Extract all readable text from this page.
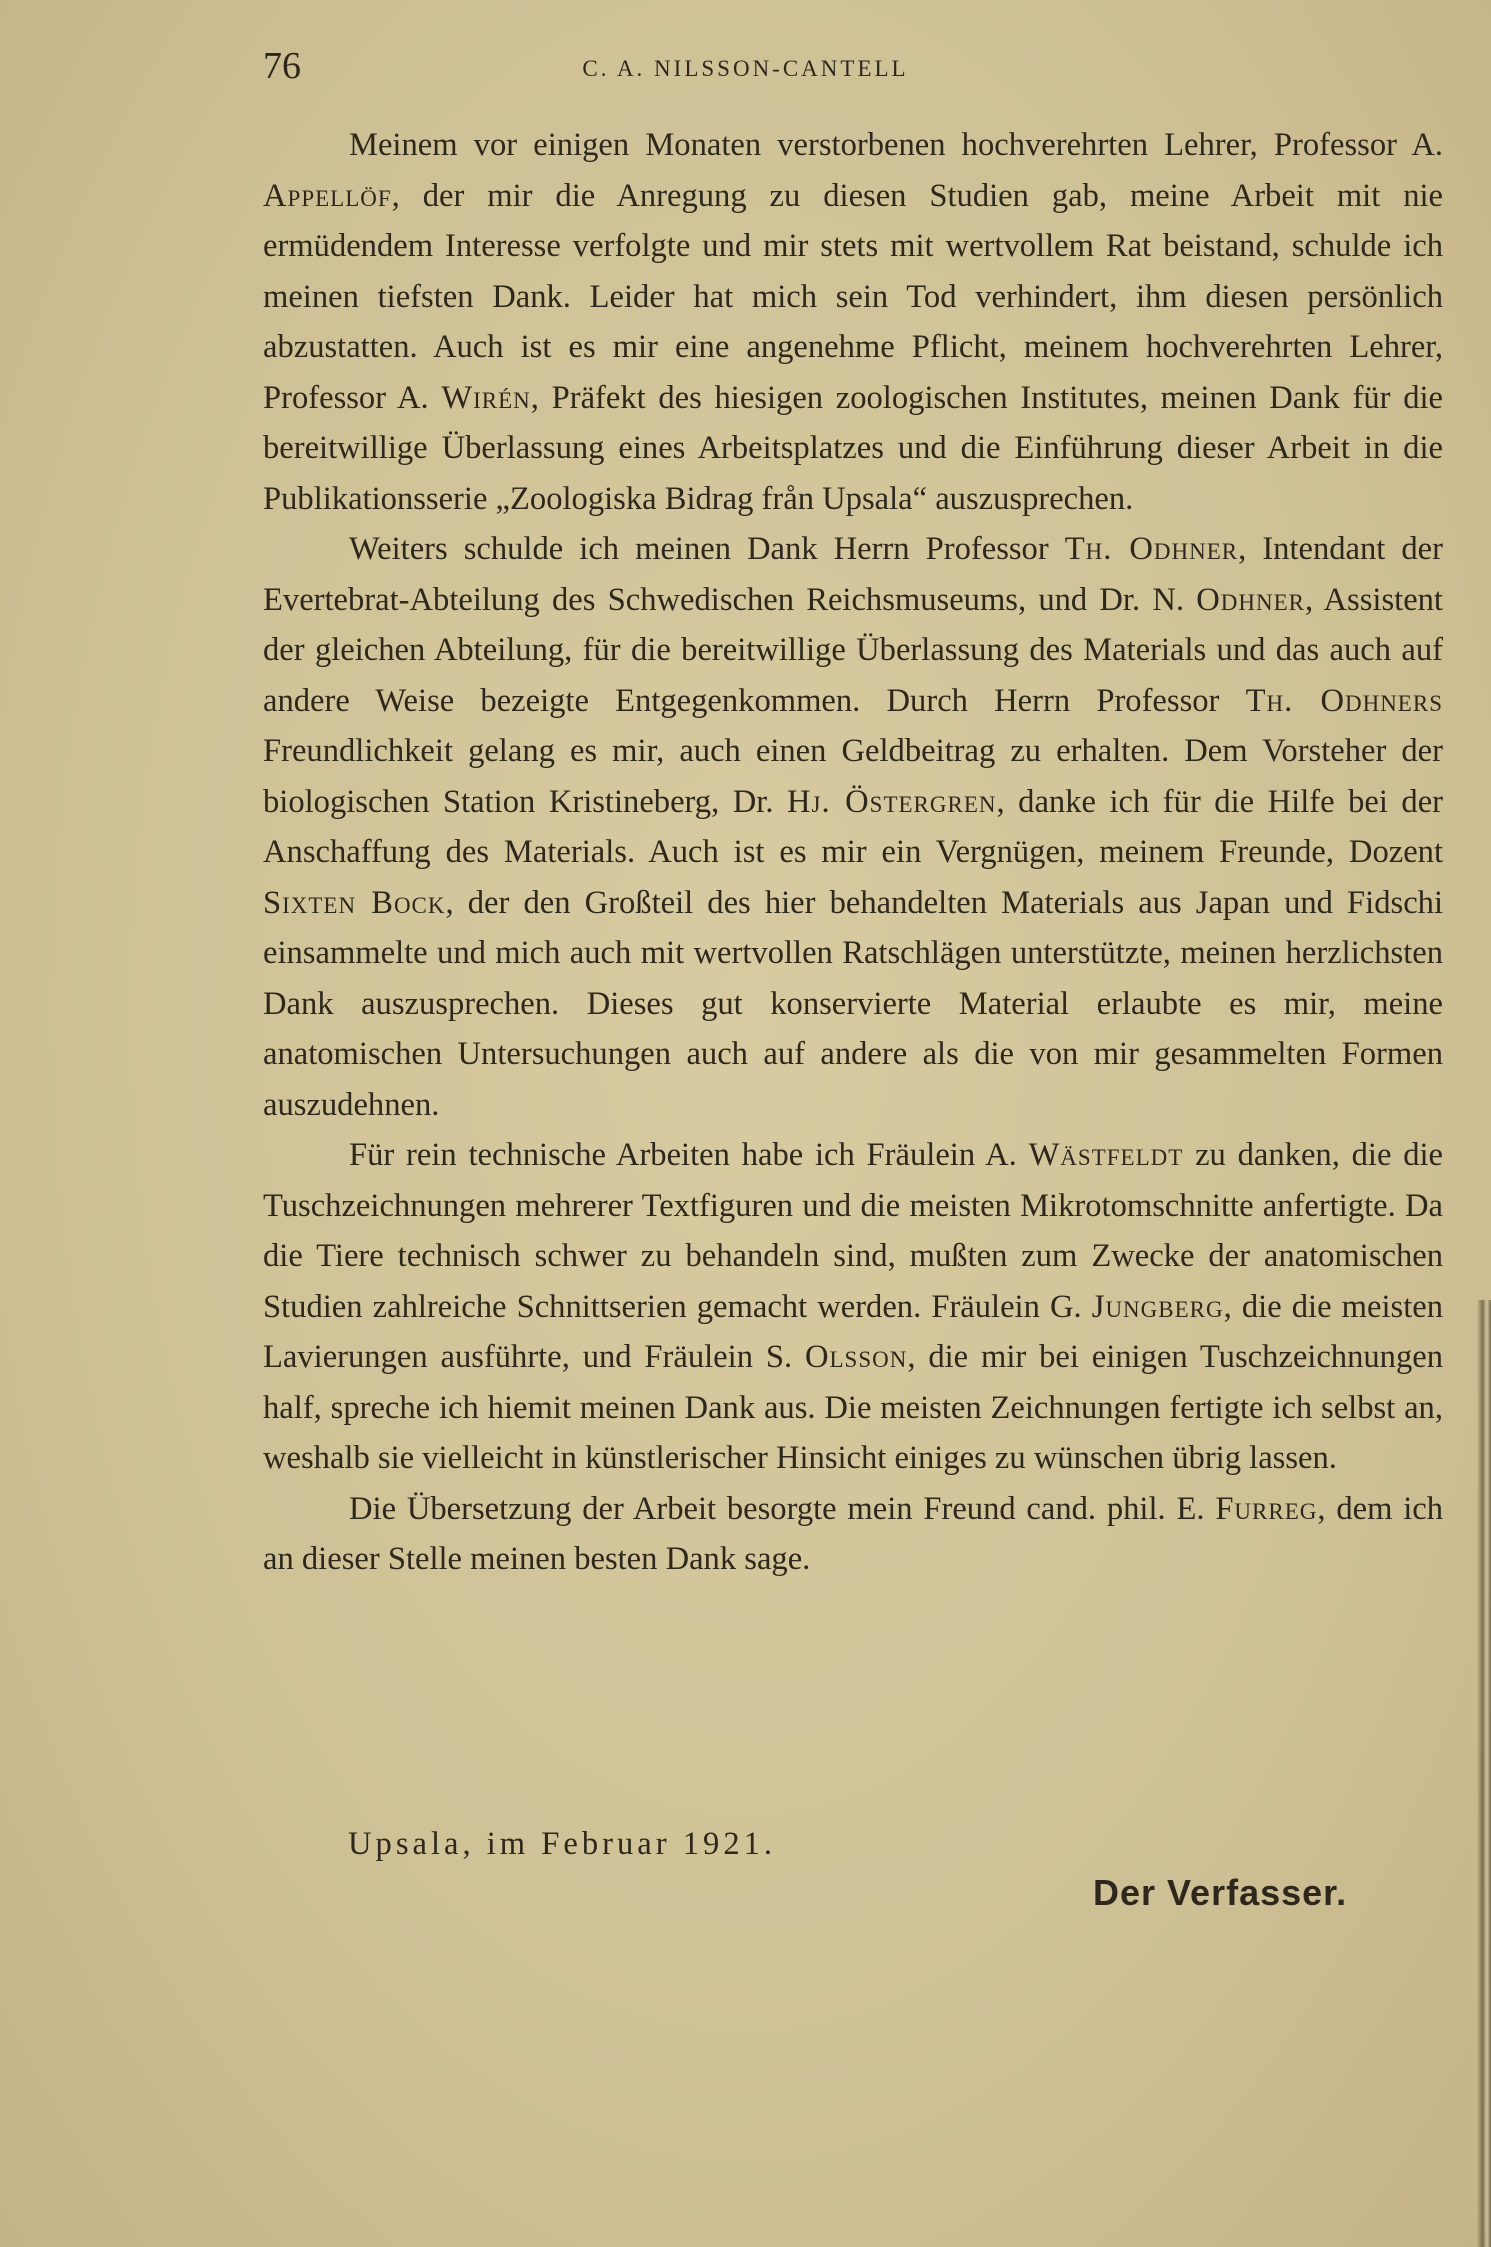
76	C. A. NILSSON-CANTELL

Meinem vor einigen Monaten verstorbenen hochverehrten Lehrer, Professor A. Appellöf, der mir die Anregung zu diesen Studien gab, meine Arbeit mit nie ermüdendem Interesse verfolgte und mir stets mit wertvollem Rat beistand, schulde ich meinen tiefsten Dank. Leider hat mich sein Tod verhindert, ihm diesen persönlich abzustatten. Auch ist es mir eine angenehme Pflicht, meinem hochverehrten Lehrer, Professor A. Wirén, Präfekt des hiesigen zoologischen Institutes, meinen Dank für die bereitwillige Überlassung eines Arbeitsplatzes und die Einführung dieser Arbeit in die Publikationsserie „Zoologiska Bidrag från Upsala“ auszusprechen.

Weiters schulde ich meinen Dank Herrn Professor Th. Odhner, Intendant der Evertebrat-Abteilung des Schwedischen Reichsmuseums, und Dr. N. Odhner, Assistent der gleichen Abteilung, für die bereitwillige Überlassung des Materials und das auch auf andere Weise bezeigte Entgegenkommen. Durch Herrn Professor Th. Odhners Freundlichkeit gelang es mir, auch einen Geldbeitrag zu erhalten. Dem Vorsteher der biologischen Station Kristineberg, Dr. Hj. Östergren, danke ich für die Hilfe bei der Anschaffung des Materials. Auch ist es mir ein Vergnügen, meinem Freunde, Dozent Sixten Bock, der den Großteil des hier behandelten Materials aus Japan und Fidschi einsammelte und mich auch mit wertvollen Ratschlägen unterstützte, meinen herzlichsten Dank auszusprechen. Dieses gut konservierte Material erlaubte es mir, meine anatomischen Untersuchungen auch auf andere als die von mir gesammelten Formen auszudehnen.

Für rein technische Arbeiten habe ich Fräulein A. Wästfeldt zu danken, die die Tuschzeichnungen mehrerer Textfiguren und die meisten Mikrotomschnitte anfertigte. Da die Tiere technisch schwer zu behandeln sind, mußten zum Zwecke der anatomischen Studien zahlreiche Schnittserien gemacht werden. Fräulein G. Jungberg, die die meisten Lavierungen ausführte, und Fräulein S. Olsson, die mir bei einigen Tuschzeichnungen half, spreche ich hiemit meinen Dank aus. Die meisten Zeichnungen fertigte ich selbst an, weshalb sie vielleicht in künstlerischer Hinsicht einiges zu wünschen übrig lassen.

Die Übersetzung der Arbeit besorgte mein Freund cand. phil. E. Furreg, dem ich an dieser Stelle meinen besten Dank sage.

Upsala, im Februar 1921.
Der Verfasser.
